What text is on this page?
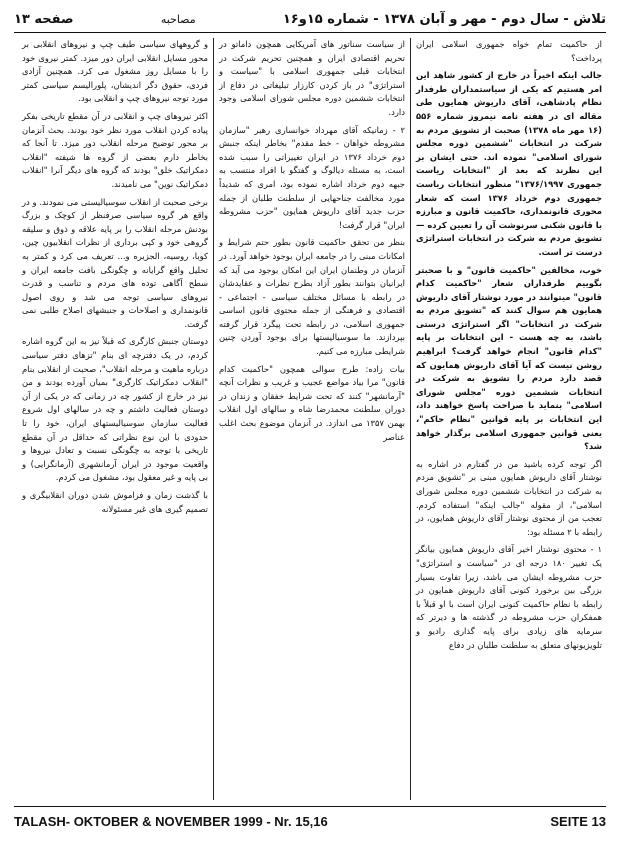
تلاش - سال دوم - مهر و آبان ۱۳۷۸ - شماره ۱۵و۱۶
مصاحبه
صفحه ۱۳

از حاکمیت تمام خواه جمهوری اسلامی ایران پرداخت؟

جالب اینکه اخیراً در خارج از کشور شاهد این امر هستیم که یکی از سیاستمداران طرفدار نظام پادشاهی، آقای داریوش همایون طی مقاله ای در هفته نامه نیمروز شماره ۵۵۶ (۱۶ مهر ماه ۱۳۷۸) صحبت از تشویق مردم به شرکت در انتخابات "ششمین دوره مجلس شورای اسلامی" نموده اند. حتی ایشان بر این نظرند که بعد از "انتخابات ریاست جمهوری ۱۳۷۶/۱۹۹۷" منظور انتخابات ریاست جمهوری دوم خرداد ۱۳۷۶ است که شعار محوری قانونمداری، حاکمیت قانون و مبارزه با قانون شکنی سرنوشت آن را تعیین کرده — تشویق مردم به شرکت در انتخابات استراتژی درست تر است.

خوب، مخالفین "حاکمیت قانون" و با صحبتر بگوییم طرفداران شعار "حاکمیت کدام قانون" میتوانند در مورد نوشتار آقای داریوش همایون هم سوال کنند که "تشویق مردم به شرکت در انتخابات" اگر استراتژی درستی باشد، به چه هست - این انتخابات بر پایه "کدام قانون" انجام خواهد گرفت؟ ابراهیم روشن نیست که آیا آقای داریوش همایون که قصد دارد مردم را تشویق به شرکت در انتخابات ششمین دوره "مجلس شورای اسلامی" بنماید با صراحت پاسخ خواهند داد، این انتخابات بر پایه قوانین "نظام حاکم"، یعنی قوانین جمهوری اسلامی برگذار خواهد شد؟

اگر توجه کرده باشید من در گفتارم در اشاره به نوشتار آقای داریوش همایون مبنی بر "تشویق مردم به شرکت در انتخابات ششمین دوره مجلس شورای اسلامی"، از مقوله "جالب اینکه" استفاده کردم. تعجب من از محتوی نوشتار آقای داریوش همایون، در رابطه با ۲ مسئله بود:

۱ - محتوی نوشتار اخیر آقای داریوش همایون بیانگر یک تغییر ۱۸۰ درجه ای در "سیاست و استراتژی" حزب مشروطه ایشان می باشد، زیرا تفاوت بسیار بزرگی بین برخورد کنونی آقای داریوش همایون در رابطه با نظام حاکمیت کنونی ایران است با او قبلاً با همفکران حزب مشروطه در گذشته ها و دیرتر که سرمایه های زیادی برای پایه گذاری رادیو و تلویزیونهای متعلق به سلطنت طلبان در دفاع

از سیاست سناتور های آمریکایی همچون داماتو در تحریم اقتصادی ایران و همچنین تحریم شرکت در انتخابات قبلی جمهوری اسلامی با "سیاست و استراتژی" در باز کردن کارزار تبلیغاتی در دفاع از انتخابات ششمین دوره مجلس شورای اسلامی وجود دارد.

۲ - زمانیکه آقای مهرداد خوانساری رهبر "سازمان مشروطه خواهان - خط مقدم" بخاطر اینکه جنبش دوم خرداد ۱۳۷۶ در ایران تغییراتی را سبب شده است، به مسئله دیالوگ و گفتگو با افراد منتسب به جبهه دوم خرداد اشاره نموده بود، امری که شدیداً مورد مخالفت جناحهایی از سلطنت طلبان از جمله حزب جدید آقای داریوش همایون "حزب مشروطه ایران" قرار گرفت!

بنظر من تحقق حاکمیت قانون بطور حتم شرایط و امکانات مبنی را در جامعه ایران بوجود خواهد آورد. در آنزمان در وطنمان ایران این امکان بوجود می آید که ایرانیان بتوانند بطور آزاد بطرح نظرات و عقایدشان در رابطه با مسائل مختلف سیاسی - اجتماعی - اقتصادی و فرهنگی از جمله محتوی قانون اساسی جمهوری اسلامی، در رابطه تحت پیگرد قرار گرفته بپردازند. ما سوسیالیستها برای بوجود آوردن چنین شرایطی مبارزه می کنیم.

بیات زاده: طرح سوالی همچون "حاکمیت کدام قانون" مرا بیاد مواضع عجیب و غریب و نظرات آنچه "آرمانشهر" کنند که تحت شرایط خفقان و زندان در دوران سلطنت محمدرضا شاه و سالهای اول انقلاب بهمن ۱۳۵۷ می اندازد. در آنزمان موضوع بحث اغلب عناصر

و گروههای سیاسی طیف چپ و نیروهای انقلابی بر محور مسایل انقلابی ایران دور میزد. کمتر نیروی خود را با مسایل روز مشغول می کرد. همچنین آزادی فردی، حقوق دگر اندیشان، پلورالیسم سیاسی کمتر مورد توجه نیروهای چپ و انقلابی بود.

اکثر نیروهای چپ و انقلابی در آن مقطع تاریخی بفکر پیاده کردن انقلاب مورد نظر خود بودند. بحث آنزمان بر محور توضیح مرحله انقلاب دور میزد. تا آنجا که بخاطر دارم بعضی از گروه ها شیفته "انقلاب دمکراتیک خلق" بودند که گروه های دیگر آنرا "انقلاب دمکراتیک نوین" می نامیدند.

برخی صحبت از انقلاب سوسیالیستی می نمودند. و در واقع هر گروه سیاسی صرفنظر از کوچک و بزرگ بودنش مرحله انقلاب را بر پایه علاقه و ذوق و سلیقه گروهی خود و کپی برداری از نظرات انقلابیون چین، کوبا، روسیه، الجزیره و... تعریف می کرد و کمتر به تحلیل واقع گرایانه و چگونگی بافت جامعه ایران و سطح آگاهی توده های مردم و تناسب و قدرت نیروهای سیاسی توجه می شد و روی اصول قانونمداری و اصلاحات و جنبشهای اصلاح طلبی نمی گرفت.

دوستان جنبش کارگری که قبلاً نیز به این گروه اشاره کردم، در یک دفترچه ای بنام "تزهای دفتر سیاسی درباره ماهیت و مرحله انقلاب"، صحبت از انقلابی بنام "انقلاب دمکراتیک کارگری" بمیان آورده بودند و من نیز در خارج از کشور چه در زمانی که در یکی از آن دوستان فعالیت داشتم و چه در سالهای اول شروع فعالیت سازمان سوسیالیستهای ایران، خود را تا حدودی با این نوع نظراتی که حداقل در آن مقطع تاریخی با توجه به چگونگی نسبت و تعادل نیروها و واقعیت موجود در ایران آرمانشهری (آرمانگرایی) و بی پایه و غیر معقول بود، مشغول می کردم.

با گذشت زمان و فراموش شدن دوران انقلابیگری و تصمیم گیری های غیر مسئولانه

TALASH- OKTOBER & NOVEMBER 1999 - Nr. 15,16	SEITE 13
